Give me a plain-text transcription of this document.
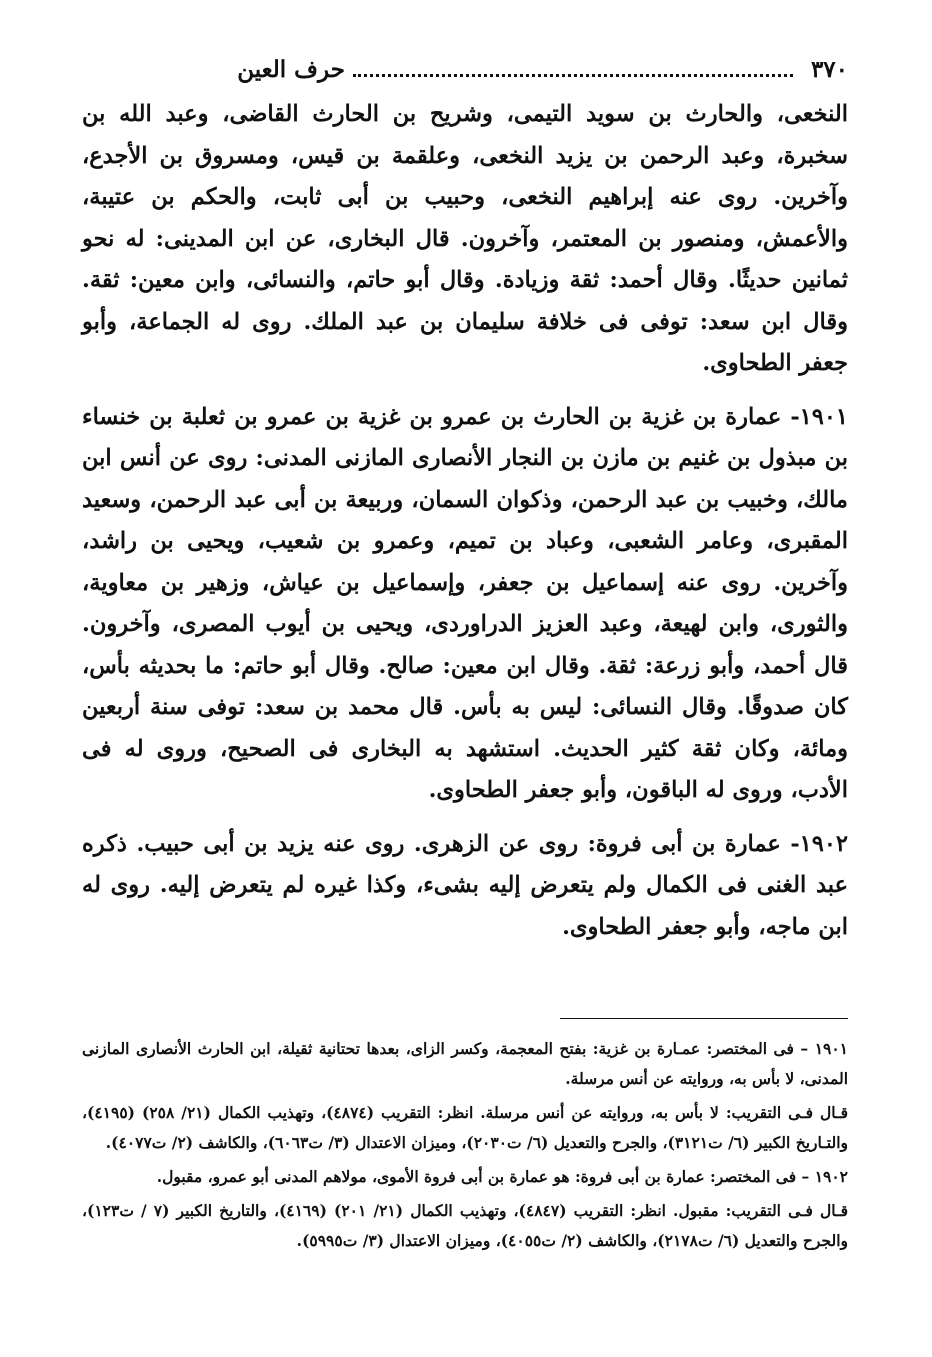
٣٧٠
حرف العين

النخعى، والحارث بن سويد التيمى، وشريح بن الحارث القاضى، وعبد الله بن سخبرة، وعبد الرحمن بن يزيد النخعى، وعلقمة بن قيس، ومسروق بن الأجدع، وآخرين. روى عنه إبراهيم النخعى، وحبيب بن أبى ثابت، والحكم بن عتيبة، والأعمش، ومنصور بن المعتمر، وآخرون. قال البخارى، عن ابن المدينى: له نحو ثمانين حديثًا. وقال أحمد: ثقة وزيادة. وقال أبو حاتم، والنسائى، وابن معين: ثقة. وقال ابن سعد: توفى فى خلافة سليمان بن عبد الملك. روى له الجماعة، وأبو جعفر الطحاوى.

١٩٠١- عمارة بن غزية بن الحارث بن عمرو بن غزية بن عمرو بن ثعلبة بن خنساء بن مبذول بن غنيم بن مازن بن النجار الأنصارى المازنى المدنى: روى عن أنس ابن مالك، وخبيب بن عبد الرحمن، وذكوان السمان، وربيعة بن أبى عبد الرحمن، وسعيد المقبرى، وعامر الشعبى، وعباد بن تميم، وعمرو بن شعيب، ويحيى بن راشد، وآخرين. روى عنه إسماعيل بن جعفر، وإسماعيل بن عياش، وزهير بن معاوية، والثورى، وابن لهيعة، وعبد العزيز الدراوردى، ويحيى بن أيوب المصرى، وآخرون. قال أحمد، وأبو زرعة: ثقة. وقال ابن معين: صالح. وقال أبو حاتم: ما بحديثه بأس، كان صدوقًا. وقال النسائى: ليس به بأس. قال محمد بن سعد: توفى سنة أربعين ومائة، وكان ثقة كثير الحديث. استشهد به البخارى فى الصحيح، وروى له فى الأدب، وروى له الباقون، وأبو جعفر الطحاوى.

١٩٠٢- عمارة بن أبى فروة: روى عن الزهرى. روى عنه يزيد بن أبى حبيب. ذكره عبد الغنى فى الكمال ولم يتعرض إليه بشىء، وكذا غيره لم يتعرض إليه. روى له ابن ماجه، وأبو جعفر الطحاوى.

١٩٠١ – فى المختصر: عمـارة بن غزية: بفتح المعجمة، وكسر الزاى، بعدها تحتانية ثقيلة، ابن الحارث الأنصارى المازنى المدنى، لا بأس به، وروايته عن أنس مرسلة.

قـال فـى التقريب: لا بأس به، وروايته عن أنس مرسلة. انظر: التقريب (٤٨٧٤)، وتهذيب الكمال (٢١/ ٢٥٨) (٤١٩٥)، والتـاريخ الكبير (٦/ ت٣١٢١)، والجرح والتعديل (٦/ ت٢٠٣٠)، وميزان الاعتدال (٣/ ت٦٠٦٣)، والكاشف (٢/ ت٤٠٧٧).

١٩٠٢ – فى المختصر: عمارة بن أبى فروة: هو عمارة بن أبى فروة الأموى، مولاهم المدنى أبو عمرو، مقبول.

قـال فـى التقريب: مقبول. انظر: التقريب (٤٨٤٧)، وتهذيب الكمال (٢١/ ٢٠١) (٤١٦٩)، والتاريخ الكبير (٧ / ت١٢٣)، والجرح والتعديل (٦/ ت٢١٧٨)، والكاشف (٢/ ت٤٠٥٥)، وميزان الاعتدال (٣/ ت٥٩٩٥).
